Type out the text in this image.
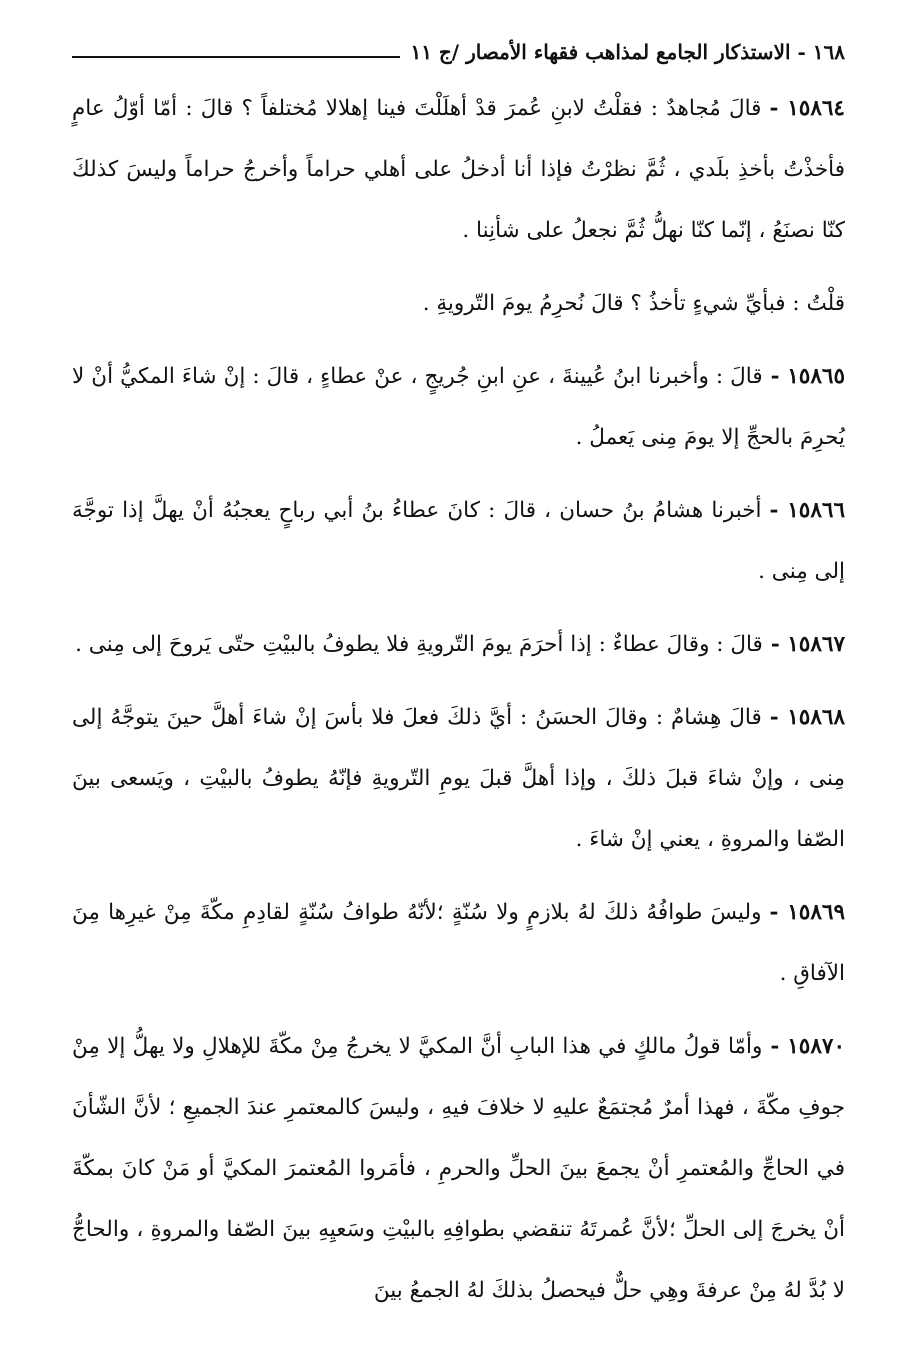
١٦٨ - الاستذكار الجامع لمذاهب فقهاء الأمصار /ج ١١

١٥٨٦٤ -قالَ مُجاهدٌ : فقلْتُ لابنِ عُمرَ قدْ أهلَلْتَ فينا إهلالا مُختلفاً ؟ قالَ : أمّا أوّلُ عامٍ فأخذْتُ بأخذِ بلَدي ، ثُمَّ نظرْتُ فإذا أنا أدخلُ على أهلي حراماً وأخرجُ حراماً وليسَ كذلكَ كنّا نصنَعُ ، إنّما كنّا نهلُّ ثُمَّ نجعلُ على شأنِنا .

قلْتُ : فبأيِّ شيءٍ تأخذُ ؟ قالَ نُحرِمُ يومَ التّرويةِ .

١٥٨٦٥ -قالَ : وأخبرنا ابنُ عُيينةَ ، عنِ ابنِ جُريجٍ ، عنْ عطاءٍ ، قالَ : إنْ شاءَ المكيُّ أنْ لا يُحرِمَ بالحجِّ إلا يومَ مِنى يَعملُ .

١٥٨٦٦ -أخبرنا هشامُ بنُ حسان ، قالَ : كانَ عطاءُ بنُ أبي رباحٍ يعجبُهُ أنْ يهلَّ إذا توجَّهَ إلى مِنى .

١٥٨٦٧ -قالَ : وقالَ عطاءٌ : إذا أحرَمَ يومَ التّرويةِ فلا يطوفُ بالبيْتِ حتّى يَروحَ إلى مِنى .

١٥٨٦٨ -قالَ هِشامٌ : وقالَ الحسَنُ : أيَّ ذلكَ فعلَ فلا بأسَ إنْ شاءَ أهلَّ حينَ يتوجَّهُ إلى مِنى ، وإنْ شاءَ قبلَ ذلكَ ، وإذا أهلَّ قبلَ يومِ التّرويةِ فإنّهُ يطوفُ بالبيْتِ ، ويَسعى بينَ الصّفا والمروةِ ، يعني إنْ شاءَ .

١٥٨٦٩ -وليسَ طوافُهُ ذلكَ لهُ بلازمٍ ولا سُنّةٍ ؛لأنّهُ طوافُ سُنّةٍ لقادِمِ مكّةَ مِنْ غيرِها مِنَ الآفاقِ .

١٥٨٧٠ -وأمّا قولُ مالكٍ في هذا البابِ أنَّ المكيَّ لا يخرجُ مِنْ مكّةَ للإهلالِ ولا يهلُّ إلا مِنْ جوفِ مكّةَ ، فهذا أمرٌ مُجتمَعٌ عليهِ لا خلافَ فيهِ ، وليسَ كالمعتمرِ عندَ الجميعِ ؛ لأنَّ الشّأنَ في الحاجِّ والمُعتمرِ أنْ يجمعَ بينَ الحلِّ والحرمِ ، فأمَروا المُعتمرَ المكيَّ أو مَنْ كانَ بمكّةَ أنْ يخرجَ إلى الحلِّ ؛لأنَّ عُمرتَهُ تنقضي بطوافِهِ بالبيْتِ وسَعيِهِ بينَ الصّفا والمروةِ ، والحاجُّ لا بُدَّ لهُ مِنْ عرفةَ وهِي حلٌّ فيحصلُ بذلكَ لهُ الجمعُ بينَ
